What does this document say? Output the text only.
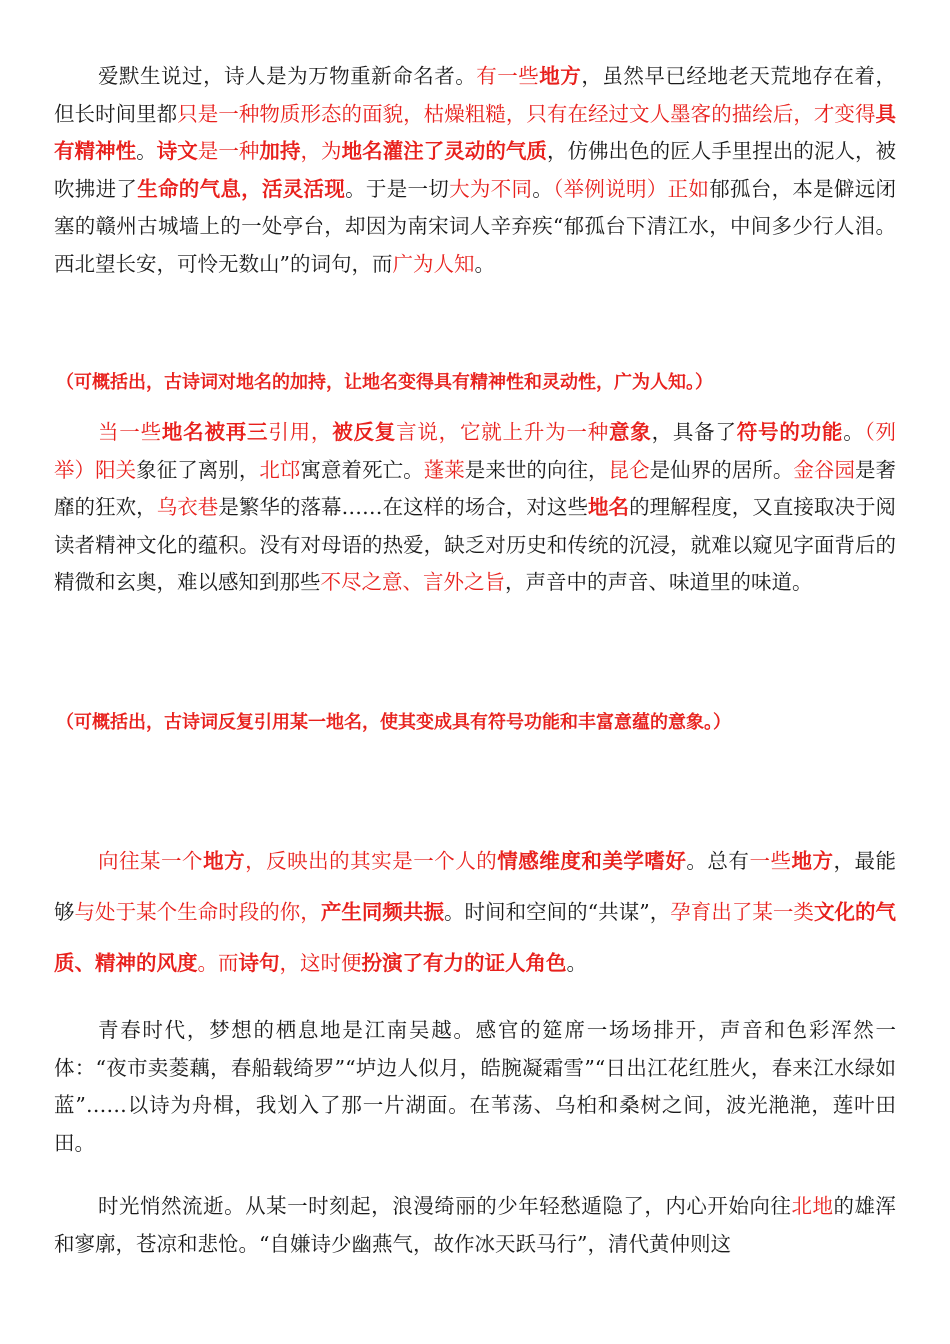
爱默生说过，诗人是为万物重新命名者。有一些地方，虽然早已经地老天荒地存在着，但长时间里都只是一种物质形态的面貌，枯燥粗糙，只有在经过文人墨客的描绘后，才变得具有精神性。诗文是一种加持，为地名灌注了灵动的气质，仿佛出色的匠人手里捏出的泥人，被吹拂进了生命的气息，活灵活现。于是一切大为不同。（举例说明）正如郁孤台，本是僻远闭塞的赣州古城墙上的一处亭台，却因为南宋词人辛弃疾“郁孤台下清江水，中间多少行人泪。西北望长安，可怜无数山”的词句，而广为人知。

（可概括出，古诗词对地名的加持，让地名变得具有精神性和灵动性，广为人知。）

当一些地名被再三引用，被反复言说，它就上升为一种意象，具备了符号的功能。（列举）阳关象征了离别，北邙寓意着死亡。蓬莱是来世的向往，昆仑是仙界的居所。金谷园是奢靡的狂欢，乌衣巷是繁华的落幕……在这样的场合，对这些地名的理解程度，又直接取决于阅读者精神文化的蕴积。没有对母语的热爱，缺乏对历史和传统的沉浸，就难以窥见字面背后的精微和玄奥，难以感知到那些不尽之意、言外之旨，声音中的声音、味道里的味道。

（可概括出，古诗词反复引用某一地名，使其变成具有符号功能和丰富意蕴的意象。）

向往某一个地方，反映出的其实是一个人的情感维度和美学嗜好。总有一些地方，最能够与处于某个生命时段的你，产生同频共振。时间和空间的“共谋”，孕育出了某一类文化的气质、精神的风度。而诗句，这时便扮演了有力的证人角色。

青春时代，梦想的栖息地是江南吴越。感官的筵席一场场排开，声音和色彩浑然一体：“夜市卖菱藕，春船载绮罗”“垆边人似月，皓腕凝霜雪”“日出江花红胜火，春来江水绿如蓝”……以诗为舟楫，我划入了那一片湖面。在苇荡、乌桕和桑树之间，波光滟滟，莲叶田田。

时光悄然流逝。从某一时刻起，浪漫绮丽的少年轻愁遁隐了，内心开始向往北地的雄浑和寥廓，苍凉和悲怆。“自嫌诗少幽燕气，故作冰天跃马行”，清代黄仲则这
